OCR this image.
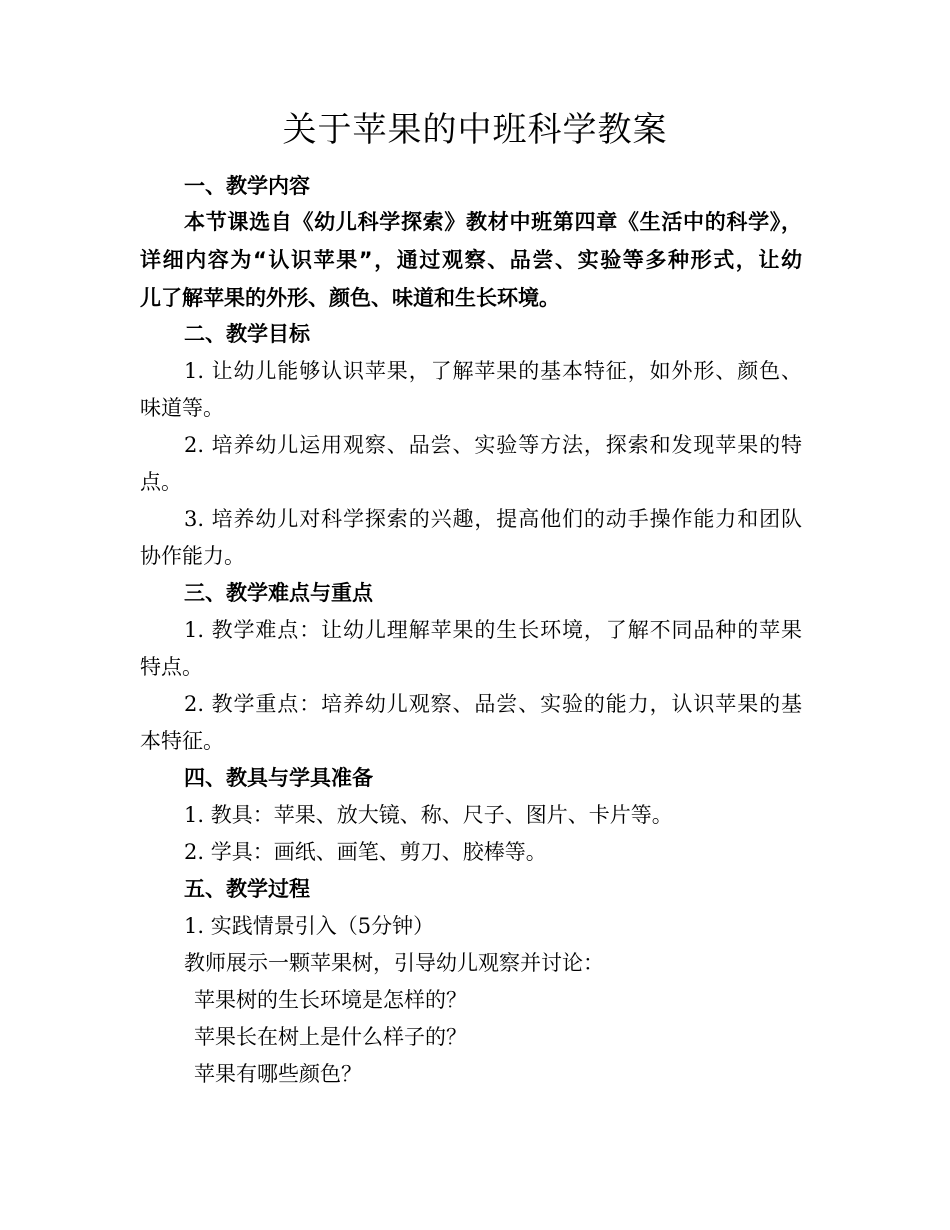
关于苹果的中班科学教案
一、教学内容
本节课选自《幼儿科学探索》教材中班第四章《生活中的科学》，
详细内容为“认识苹果”，通过观察、品尝、实验等多种形式，让幼
儿了解苹果的外形、颜色、味道和生长环境。
二、教学目标
1. 让幼儿能够认识苹果，了解苹果的基本特征，如外形、颜色、
味道等。
2. 培养幼儿运用观察、品尝、实验等方法，探索和发现苹果的特
点。
3. 培养幼儿对科学探索的兴趣，提高他们的动手操作能力和团队
协作能力。
三、教学难点与重点
1. 教学难点：让幼儿理解苹果的生长环境，了解不同品种的苹果
特点。
2. 教学重点：培养幼儿观察、品尝、实验的能力，认识苹果的基
本特征。
四、教具与学具准备
1. 教具：苹果、放大镜、称、尺子、图片、卡片等。
2. 学具：画纸、画笔、剪刀、胶棒等。
五、教学过程
1. 实践情景引入（5分钟）
教师展示一颗苹果树，引导幼儿观察并讨论：
苹果树的生长环境是怎样的？
苹果长在树上是什么样子的？
苹果有哪些颜色？
